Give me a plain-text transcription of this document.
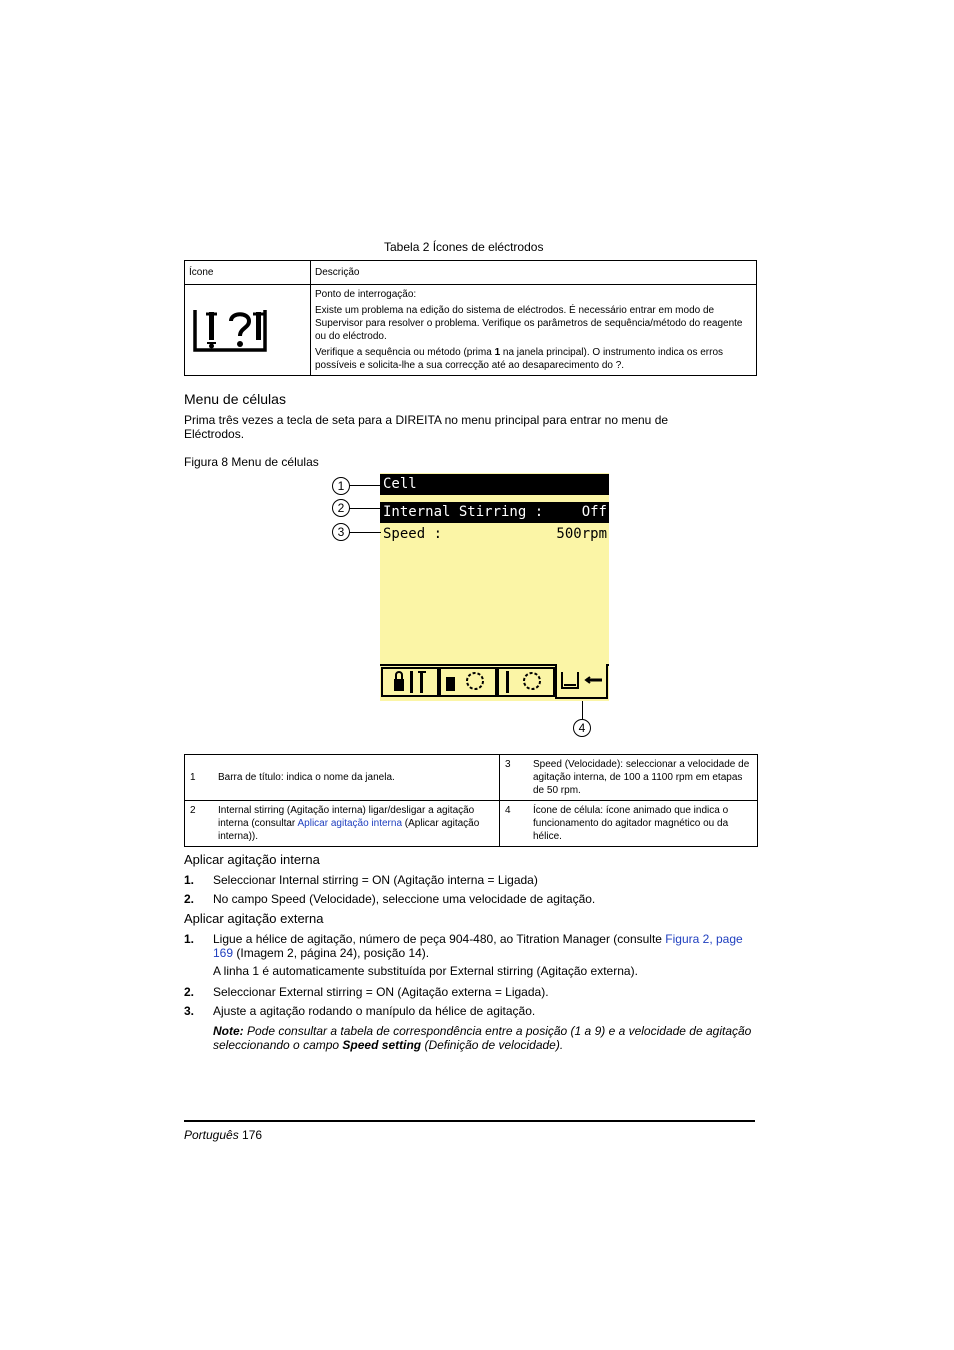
Tabela 2 Ícones de eléctrodos
Ícone	Descrição

Ponto de interrogação:
Existe um problema na edição do sistema de eléctrodos. É necessário entrar em modo de Supervisor para resolver o problema. Verifique os parâmetros de sequência/método do reagente ou do eléctrodo.
Verifique a sequência ou método (prima 1 na janela principal). O instrumento indica os erros possíveis e solicita-lhe a sua correcção até ao desaparecimento do ?.
Menu de células
Prima três vezes a tecla de seta para a DIREITA no menu principal para entrar no menu de Eléctrodos.
Figura 8 Menu de células
Cell
Internal Stirring :	Off
Speed :	500rpm
1
2
3
4
1 Barra de título: indica o nome da janela.	3 Speed (Velocidade): seleccionar a velocidade de agitação interna, de 100 a 1100 rpm em etapas de 50 rpm.

2 Internal stirring (Agitação interna) ligar/desligar a agitação interna (consultar Aplicar agitação interna (Aplicar agitação interna)).	4 Ícone de célula: ícone animado que indica o funcionamento do agitador magnético ou da hélice.
Aplicar agitação interna
1. Seleccionar Internal stirring = ON (Agitação interna = Ligada)
2. No campo Speed (Velocidade), seleccione uma velocidade de agitação.
Aplicar agitação externa
1. Ligue a hélice de agitação, número de peça 904-480, ao Titration Manager (consulte Figura 2, page 169 (Imagem 2, página 24), posição 14).
A linha 1 é automaticamente substituída por External stirring (Agitação externa).
2. Seleccionar External stirring = ON (Agitação externa = Ligada).
3. Ajuste a agitação rodando o manípulo da hélice de agitação.
Note: Pode consultar a tabela de correspondência entre a posição (1 a 9) e a velocidade de agitação seleccionando o campo Speed setting (Definição de velocidade).
Português 176
